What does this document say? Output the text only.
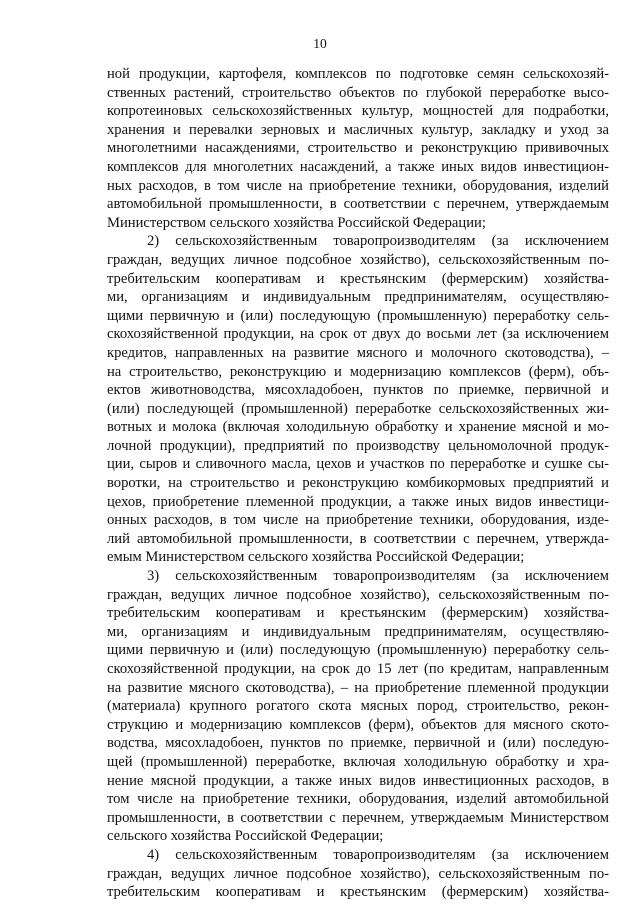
10
ной продукции, картофеля, комплексов по подготовке семян сельскохозяй-
ственных растений, строительство объектов по глубокой переработке высо-
копротеиновых сельскохозяйственных культур, мощностей для подработки,
хранения и перевалки зерновых и масличных культур, закладку и уход за
многолетними насаждениями, строительство и реконструкцию прививочных
комплексов для многолетних насаждений, а также иных видов инвестицион-
ных расходов, в том числе на приобретение техники, оборудования, изделий
автомобильной промышленности, в соответствии с перечнем, утверждаемым
Министерством сельского хозяйства Российской Федерации;
2) сельскохозяйственным товаропроизводителям (за исключением
граждан, ведущих личное подсобное хозяйство), сельскохозяйственным по-
требительским кооперативам и крестьянским (фермерским) хозяйства-
ми, организациям и индивидуальным предпринимателям, осуществляю-
щими первичную и (или) последующую (промышленную) переработку сель-
скохозяйственной продукции, на срок от двух до восьми лет (за исключением
кредитов, направленных на развитие мясного и молочного скотоводства), –
на строительство, реконструкцию и модернизацию комплексов (ферм), объ-
ектов животноводства, мясохладобоен, пунктов по приемке, первичной и
(или) последующей (промышленной) переработке сельскохозяйственных жи-
вотных и молока (включая холодильную обработку и хранение мясной и мо-
лочной продукции), предприятий по производству цельномолочной продук-
ции, сыров и сливочного масла, цехов и участков по переработке и сушке сы-
воротки, на строительство и реконструкцию комбикормовых предприятий и
цехов, приобретение племенной продукции, а также иных видов инвестици-
онных расходов, в том числе на приобретение техники, оборудования, изде-
лий автомобильной промышленности, в соответствии с перечнем, утвержда-
емым Министерством сельского хозяйства Российской Федерации;
3) сельскохозяйственным товаропроизводителям (за исключением
граждан, ведущих личное подсобное хозяйство), сельскохозяйственным по-
требительским кооперативам и крестьянским (фермерским) хозяйства-
ми, организациям и индивидуальным предпринимателям, осуществляю-
щими первичную и (или) последующую (промышленную) переработку сель-
скохозяйственной продукции, на срок до 15 лет (по кредитам, направленным
на развитие мясного скотоводства), – на приобретение племенной продукции
(материала) крупного рогатого скота мясных пород, строительство, рекон-
струкцию и модернизацию комплексов (ферм), объектов для мясного ското-
водства, мясохладобоен, пунктов по приемке, первичной и (или) последую-
щей (промышленной) переработке, включая холодильную обработку и хра-
нение мясной продукции, а также иных видов инвестиционных расходов, в
том числе на приобретение техники, оборудования, изделий автомобильной
промышленности, в соответствии с перечнем, утверждаемым Министерством
сельского хозяйства Российской Федерации;
4) сельскохозяйственным товаропроизводителям (за исключением
граждан, ведущих личное подсобное хозяйство), сельскохозяйственным по-
требительским кооперативам и крестьянским (фермерским) хозяйства-
